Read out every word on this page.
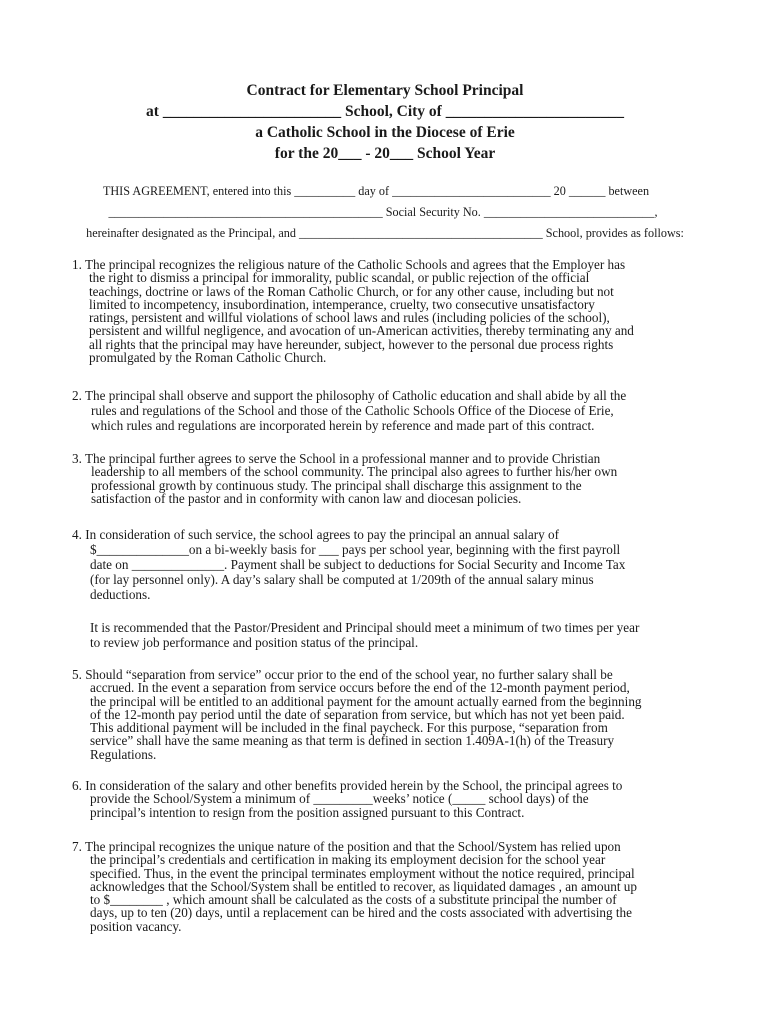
Contract for Elementary School Principal
at _______________________ School, City of _______________________
a Catholic School in the Diocese of Erie
for the 20___ - 20___ School Year
THIS AGREEMENT, entered into this __________ day of __________________________ 20 ______ between
_____________________________________________ Social Security No. ____________________________,
hereinafter designated as the Principal, and ________________________________________ School, provides as follows:
1. The principal recognizes the religious nature of the Catholic Schools and agrees that the Employer has
the right to dismiss a principal for immorality, public scandal, or public rejection of the official
teachings, doctrine or laws of the Roman Catholic Church, or for any other cause, including but not
limited to incompetency, insubordination, intemperance, cruelty, two consecutive unsatisfactory
ratings, persistent and willful violations of school laws and rules (including policies of the school),
persistent and willful negligence, and avocation of un-American activities, thereby terminating any and
all rights that the principal may have hereunder, subject, however to the personal due process rights
promulgated by the Roman Catholic Church.
2. The principal shall observe and support the philosophy of Catholic education and shall abide by all the
rules and regulations of the School and those of the Catholic Schools Office of the Diocese of Erie,
which rules and regulations are incorporated herein by reference and made part of this contract.
3. The principal further agrees to serve the School in a professional manner and to provide Christian
leadership to all members of the school community. The principal also agrees to further his/her own
professional growth by continuous study. The principal shall discharge this assignment to the
satisfaction of the pastor and in conformity with canon law and diocesan policies.
4. In consideration of such service, the school agrees to pay the principal an annual salary of
$______________on a bi-weekly basis for ___ pays per school year, beginning with the first payroll
date on ______________. Payment shall be subject to deductions for Social Security and Income Tax
(for lay personnel only). A day’s salary shall be computed at 1/209th of the annual salary minus
deductions.
It is recommended that the Pastor/President and Principal should meet a minimum of two times per year
to review job performance and position status of the principal.
5. Should “separation from service” occur prior to the end of the school year, no further salary shall be
accrued. In the event a separation from service occurs before the end of the 12-month payment period,
the principal will be entitled to an additional payment for the amount actually earned from the beginning
of the 12-month pay period until the date of separation from service, but which has not yet been paid.
This additional payment will be included in the final paycheck. For this purpose, “separation from
service” shall have the same meaning as that term is defined in section 1.409A-1(h) of the Treasury
Regulations.
6. In consideration of the salary and other benefits provided herein by the School, the principal agrees to
provide the School/System a minimum of _________weeks’ notice (_____ school days) of the
principal’s intention to resign from the position assigned pursuant to this Contract.
7. The principal recognizes the unique nature of the position and that the School/System has relied upon
the principal’s credentials and certification in making its employment decision for the school year
specified. Thus, in the event the principal terminates employment without the notice required, principal
acknowledges that the School/System shall be entitled to recover, as liquidated damages , an amount up
to $________ , which amount shall be calculated as the costs of a substitute principal the number of
days, up to ten (20) days, until a replacement can be hired and the costs associated with advertising the
position vacancy.
